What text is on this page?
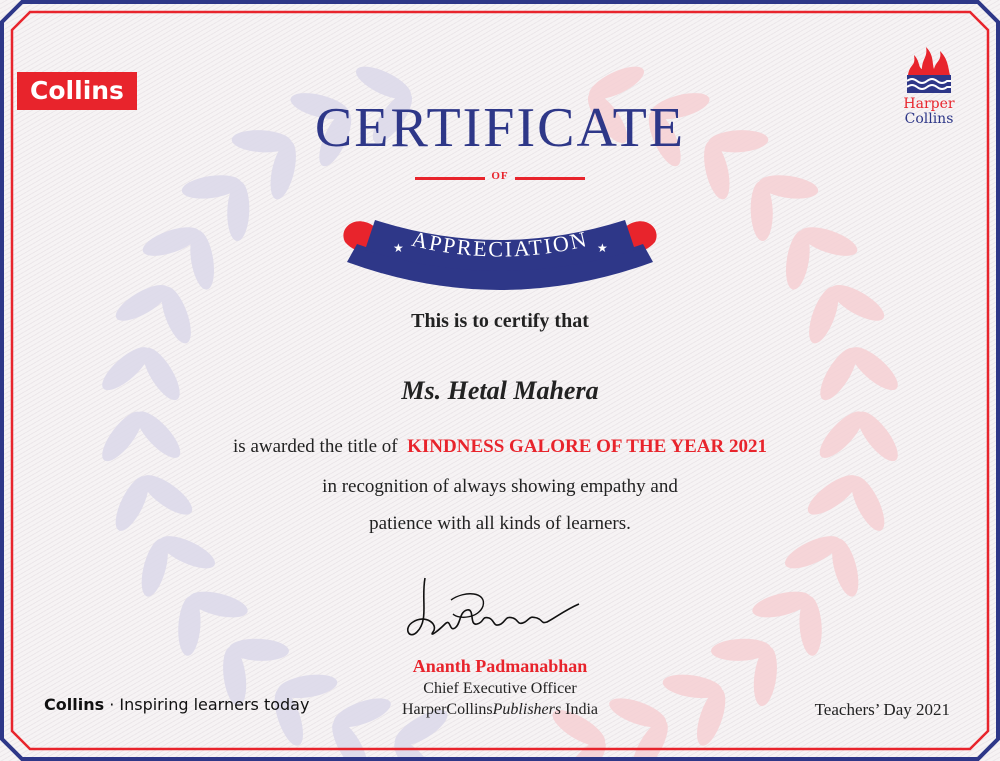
Collins	Harper
Collins
CERTIFICATE
OF
APPRECIATION
★	★
This is to certify that
Ms. Hetal Mahera
is awarded the title of KINDNESS GALORE OF THE YEAR 2021
in recognition of always showing empathy and
patience with all kinds of learners.
Ananth Padmanabhan
Chief Executive Officer
HarperCollinsPublishers India
Collins · Inspiring learners today	Teachers’ Day 2021
